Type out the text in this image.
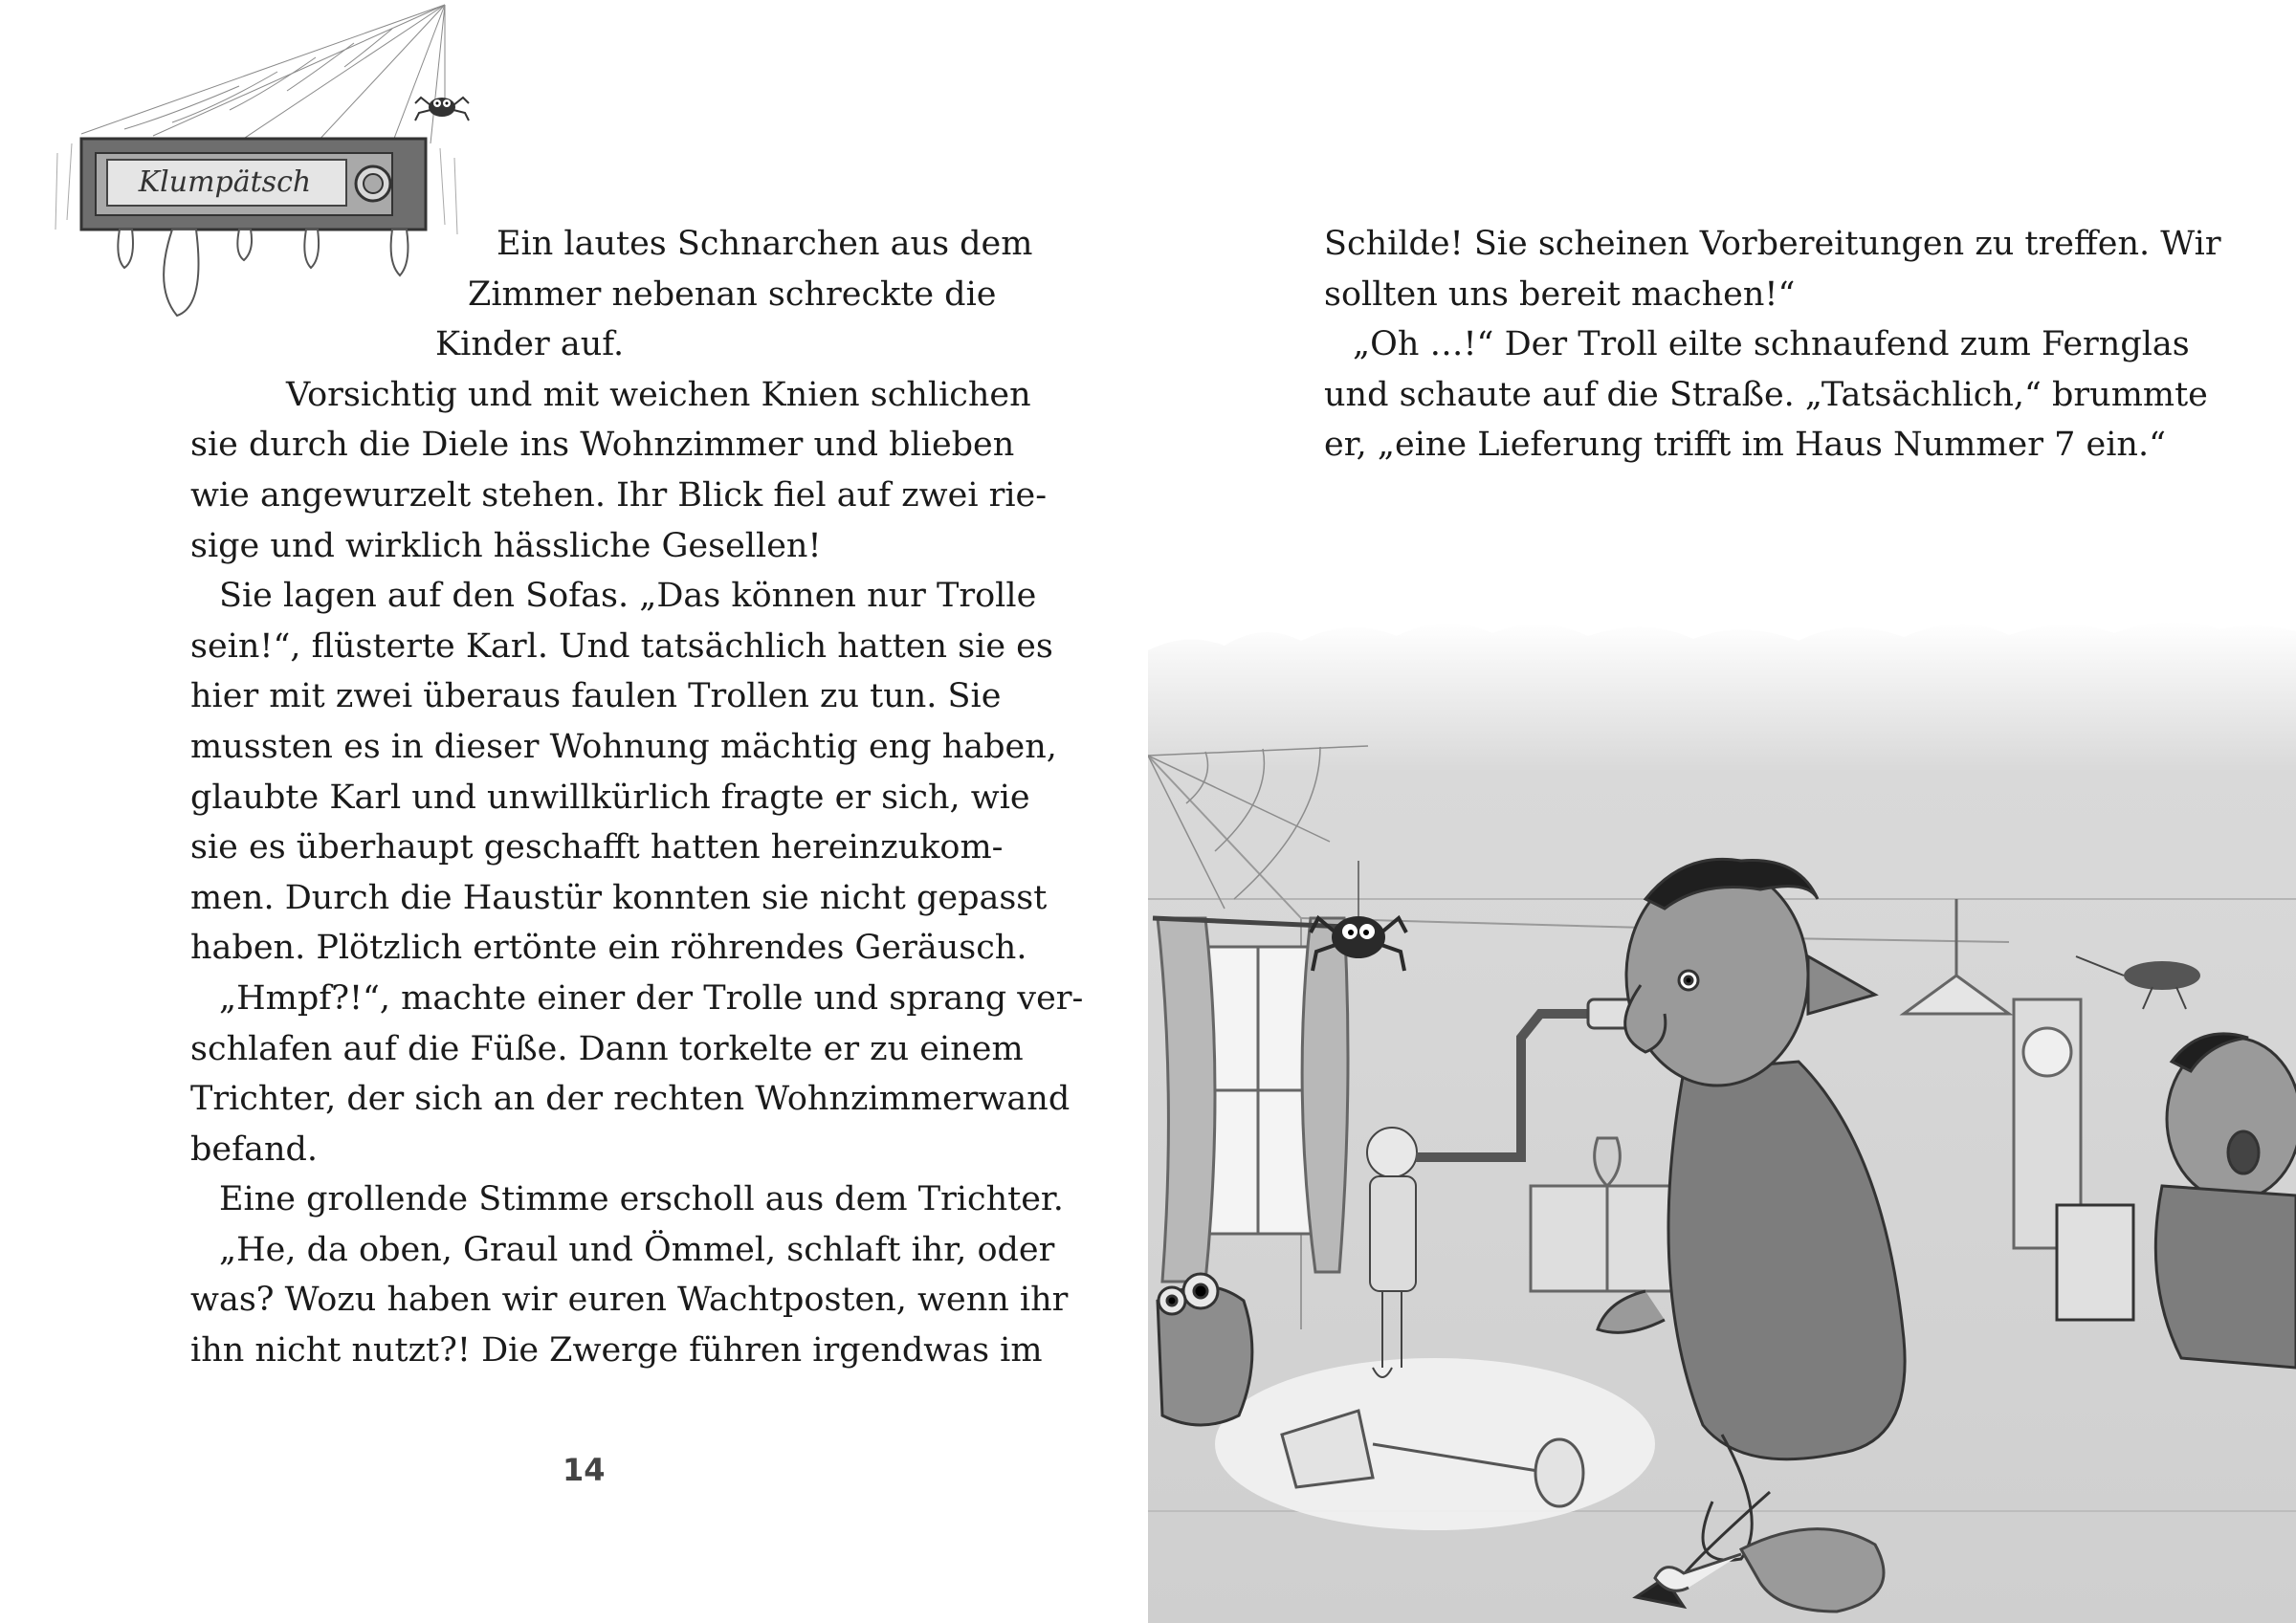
Klumpätsch
Ein lautes Schnarchen aus dem
Zimmer nebenan schreckte die
Kinder auf.
Vorsichtig und mit weichen Knien schlichen
sie durch die Diele ins Wohnzimmer und blieben
wie angewurzelt stehen. Ihr Blick fiel auf zwei rie-
sige und wirklich hässliche Gesellen!
Sie lagen auf den Sofas. „Das können nur Trolle
sein!“, flüsterte Karl. Und tatsächlich hatten sie es
hier mit zwei überaus faulen Trollen zu tun. Sie
mussten es in dieser Wohnung mächtig eng haben,
glaubte Karl und unwillkürlich fragte er sich, wie
sie es überhaupt geschafft hatten hereinzukom-
men. Durch die Haustür konnten sie nicht gepasst
haben. Plötzlich ertönte ein röhrendes Geräusch.
„Hmpf?!“, machte einer der Trolle und sprang ver-
schlafen auf die Füße. Dann torkelte er zu einem
Trichter, der sich an der rechten Wohnzimmerwand
befand.
Eine grollende Stimme erscholl aus dem Trichter.
„He, da oben, Graul und Ömmel, schlaft ihr, oder
was? Wozu haben wir euren Wachtposten, wenn ihr
ihn nicht nutzt?! Die Zwerge führen irgendwas im
14
Schilde! Sie scheinen Vorbereitungen zu treffen. Wir
sollten uns bereit machen!“
„Oh …!“ Der Troll eilte schnaufend zum Fernglas
und schaute auf die Straße. „Tatsächlich,“ brummte
er, „eine Lieferung trifft im Haus Nummer 7 ein.“
